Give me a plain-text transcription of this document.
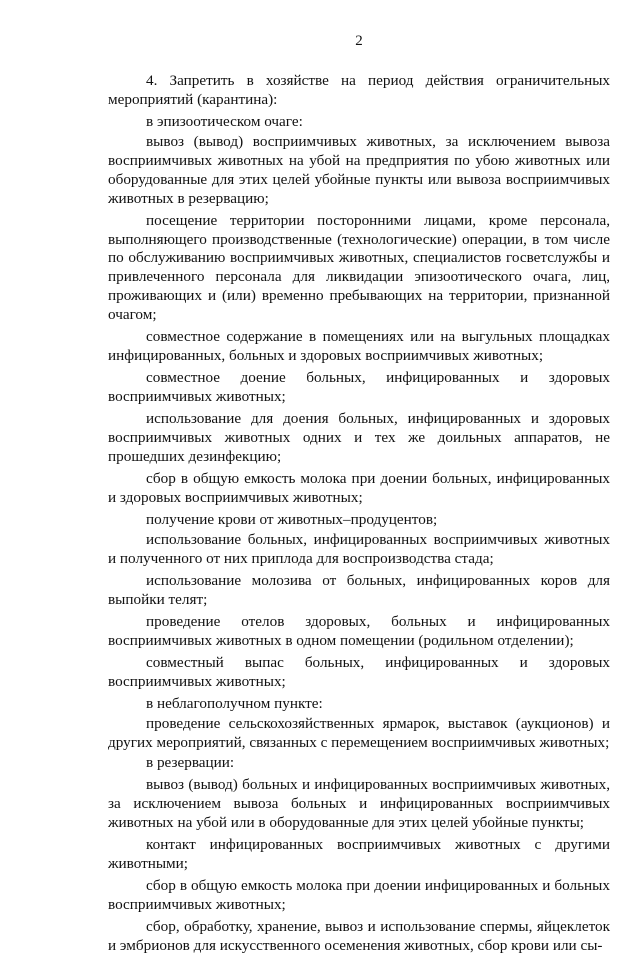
2

4. Запретить в хозяйстве на период действия ограничительных мероприятий (карантина):

в эпизоотическом очаге:

вывоз (вывод) восприимчивых животных, за исключением вывоза восприимчивых животных на убой на предприятия по убою животных или оборудованные для этих целей убойные пункты или вывоза восприимчивых животных в резервацию;

посещение территории посторонними лицами, кроме персонала, выполняющего производственные (технологические) операции, в том числе по обслуживанию восприимчивых животных, специалистов госветслужбы и привлеченного персонала для ликвидации эпизоотического очага, лиц, проживающих и (или) временно пребывающих на территории, признанной очагом;

совместное содержание в помещениях или на выгульных площадках инфицированных, больных и здоровых восприимчивых животных;

совместное доение больных, инфицированных и здоровых восприимчивых животных;

использование для доения больных, инфицированных и здоровых восприимчивых животных одних и тех же доильных аппаратов, не прошедших дезинфекцию;

сбор в общую емкость молока при доении больных, инфицированных и здоровых восприимчивых животных;

получение крови от животных–продуцентов;

использование больных, инфицированных восприимчивых животных и полученного от них приплода для воспроизводства стада;

использование молозива от больных, инфицированных коров для выпойки телят;

проведение отелов здоровых, больных и инфицированных восприимчивых животных в одном помещении (родильном отделении);

совместный выпас больных, инфицированных и здоровых восприимчивых животных;

в неблагополучном пункте:

проведение сельскохозяйственных ярмарок, выставок (аукционов) и других мероприятий, связанных с перемещением восприимчивых животных;

в резервации:

вывоз (вывод) больных и инфицированных восприимчивых животных, за исключением вывоза больных и инфицированных восприимчивых животных на убой или в оборудованные для этих целей убойные пункты;

контакт инфицированных восприимчивых животных с другими животными;

сбор в общую емкость молока при доении инфицированных и больных восприимчивых животных;

сбор, обработку, хранение, вывоз и использование спермы, яйцеклеток и эмбрионов для искусственного осеменения животных, сбор крови или сы-
